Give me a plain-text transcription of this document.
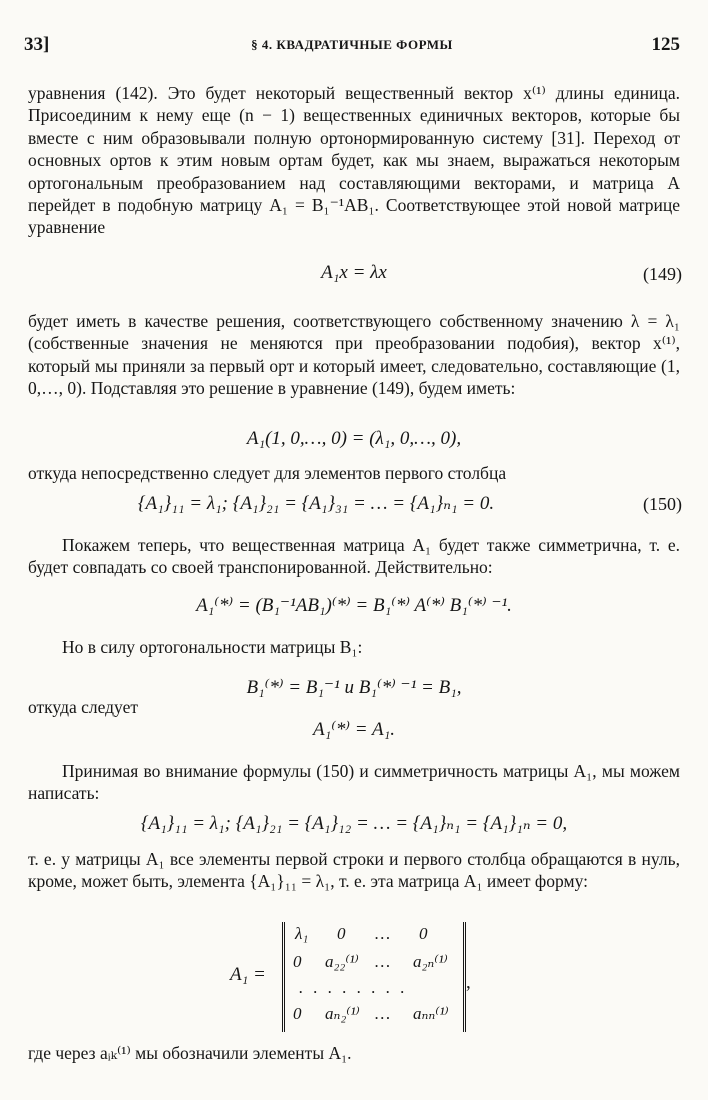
33]	§ 4. КВАДРАТИЧНЫЕ ФОРМЫ	125
уравнения (142). Это будет некоторый вещественный вектор x⁽¹⁾ длины единица. Присоединим к нему еще (n − 1) вещественных единичных векторов, которые бы вместе с ним образовывали полную ортонормированную систему [31]. Переход от основных ортов к этим новым ортам будет, как мы знаем, выражаться некоторым ортогональным преобразованием над составляющими векторами, и матрица A перейдет в подобную матрицу A₁ = B₁⁻¹AB₁. Соответствующее этой новой матрице уравнение
A₁x = λx	(149)
будет иметь в качестве решения, соответствующего собственному значению λ = λ₁ (собственные значения не меняются при преобразовании подобия), вектор x⁽¹⁾, который мы приняли за первый орт и который имеет, следовательно, составляющие (1, 0,…, 0). Подставляя это решение в уравнение (149), будем иметь:
A₁(1, 0,…, 0) = (λ₁, 0,…, 0),
откуда непосредственно следует для элементов первого столбца
{A₁}₁₁ = λ₁; {A₁}₂₁ = {A₁}₃₁ = … = {A₁}ₙ₁ = 0.	(150)
Покажем теперь, что вещественная матрица A₁ будет также симметрична, т. е. будет совпадать со своей транспонированной. Действительно:
A₁⁽*⁾ = (B₁⁻¹AB₁)⁽*⁾ = B₁⁽*⁾ A⁽*⁾ B₁⁽*⁾ ⁻¹.
Но в силу ортогональности матрицы B₁:
B₁⁽*⁾ = B₁⁻¹ и B₁⁽*⁾ ⁻¹ = B₁,
откуда следует
A₁⁽*⁾ = A₁.
Принимая во внимание формулы (150) и симметричность матрицы A₁, мы можем написать:
{A₁}₁₁ = λ₁; {A₁}₂₁ = {A₁}₁₂ = … = {A₁}ₙ₁ = {A₁}₁ₙ = 0,
т. е. у матрицы A₁ все элементы первой строки и первого столбца обращаются в нуль, кроме, может быть, элемента {A₁}₁₁ = λ₁, т. е. эта матрица A₁ имеет форму:
A₁ =
λ₁ 0 … 0
0 a₂₂⁽¹⁾ … a₂ₙ⁽¹⁾
. . . . . . . .
0 aₙ₂⁽¹⁾ … aₙₙ⁽¹⁾
,
где через aᵢₖ⁽¹⁾ мы обозначили элементы A₁.
